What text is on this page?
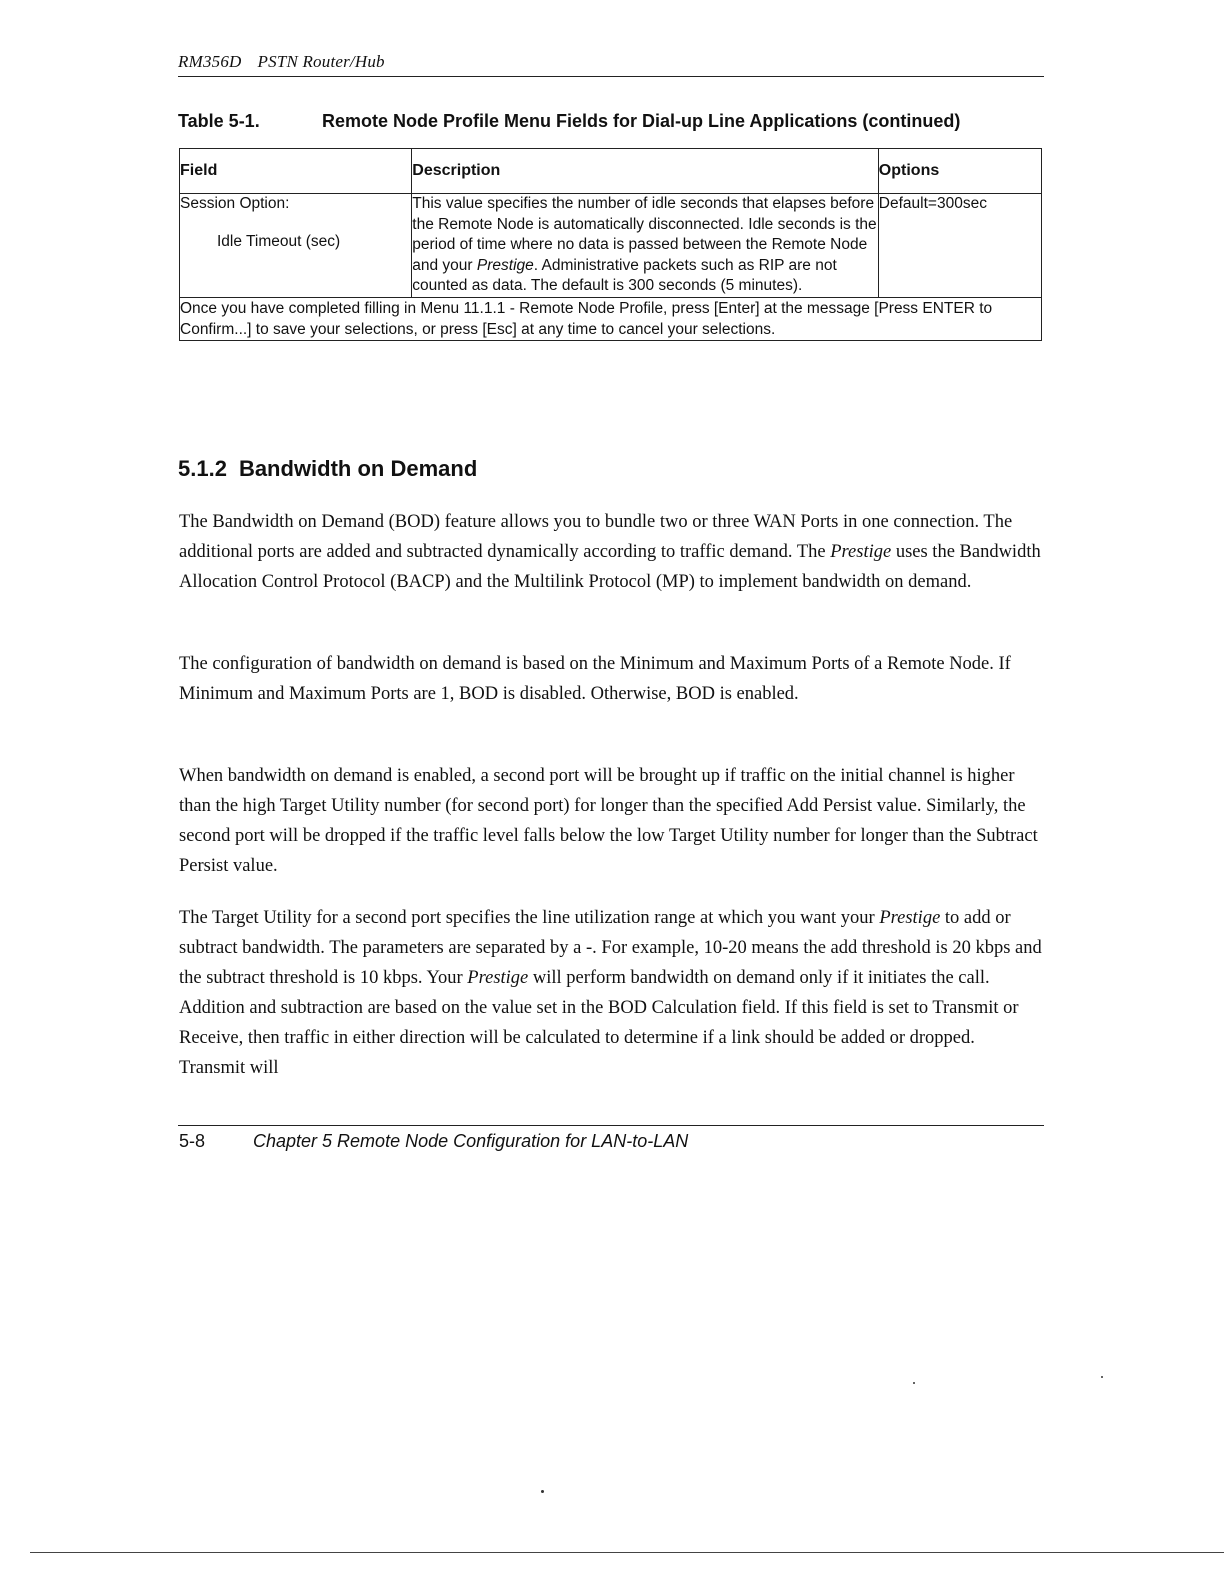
RM356D PSTN Router/Hub
Table 5-1.	Remote Node Profile Menu Fields for Dial-up Line Applications (continued)
Field	Description	Options

Session Option:
Idle Timeout (sec)	This value specifies the number of idle seconds that elapses before the Remote Node is automatically disconnected. Idle seconds is the period of time where no data is passed between the Remote Node and your Prestige. Administrative packets such as RIP are not counted as data. The default is 300 seconds (5 minutes).	Default=300sec
Once you have completed filling in Menu 11.1.1 - Remote Node Profile, press [Enter] at the message [Press ENTER to Confirm...] to save your selections, or press [Esc] at any time to cancel your selections.		
5.1.2 Bandwidth on Demand

The Bandwidth on Demand (BOD) feature allows you to bundle two or three WAN Ports in one connection. The additional ports are added and subtracted dynamically according to traffic demand. The Prestige uses the Bandwidth Allocation Control Protocol (BACP) and the Multilink Protocol (MP) to implement bandwidth on demand.

The configuration of bandwidth on demand is based on the Minimum and Maximum Ports of a Remote Node. If Minimum and Maximum Ports are 1, BOD is disabled. Otherwise, BOD is enabled.

When bandwidth on demand is enabled, a second port will be brought up if traffic on the initial channel is higher than the high Target Utility number (for second port) for longer than the specified Add Persist value. Similarly, the second port will be dropped if the traffic level falls below the low Target Utility number for longer than the Subtract Persist value.

The Target Utility for a second port specifies the line utilization range at which you want your Prestige to add or subtract bandwidth. The parameters are separated by a -. For example, 10-20 means the add threshold is 20 kbps and the subtract threshold is 10 kbps. Your Prestige will perform bandwidth on demand only if it initiates the call. Addition and subtraction are based on the value set in the BOD Calculation field. If this field is set to Transmit or Receive, then traffic in either direction will be calculated to determine if a link should be added or dropped. Transmit will

5-8	Chapter 5 Remote Node Configuration for LAN-to-LAN
